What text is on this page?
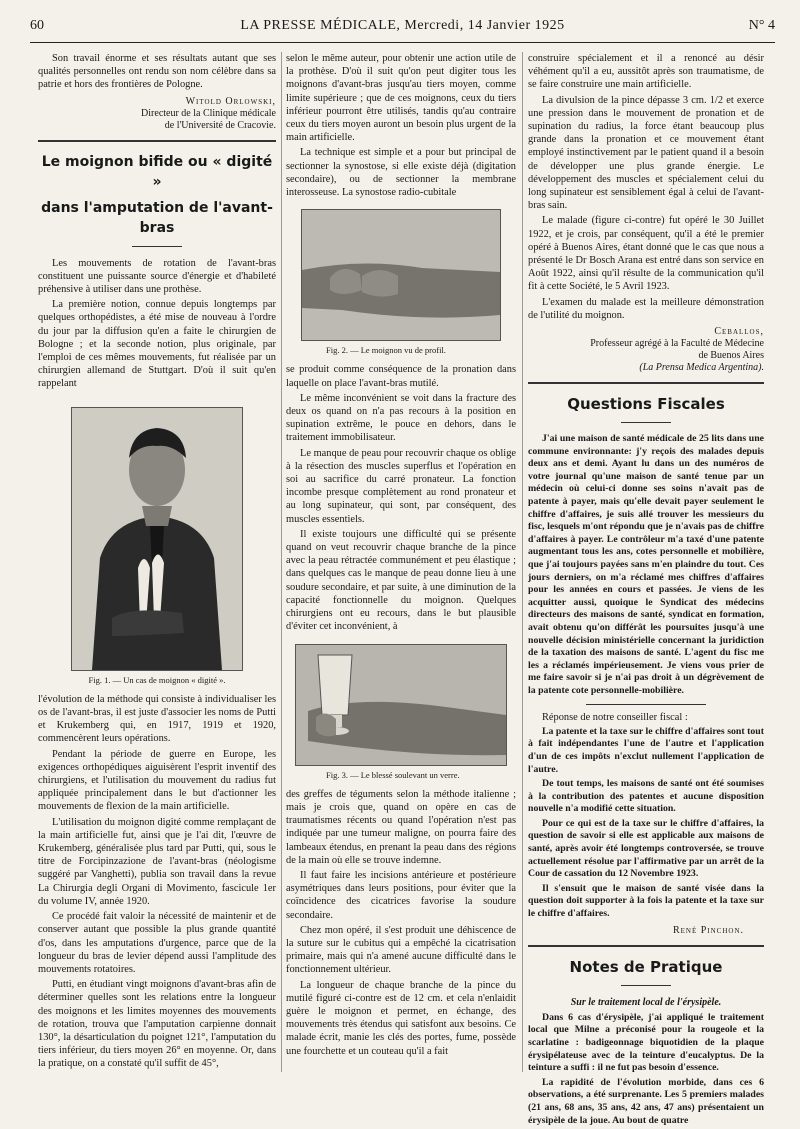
60	LA PRESSE MÉDICALE, Mercredi, 14 Janvier 1925	N° 4

Son travail énorme et ses résultats autant que ses qualités personnelles ont rendu son nom célèbre dans sa patrie et hors des frontières de Pologne.

Witold Orlowski,
Directeur de la Clinique médicale
de l'Université de Cracovie.
Le moignon bifide ou « digité »
dans l'amputation de l'avant-bras

Les mouvements de rotation de l'avant-bras constituent une puissante source d'énergie et d'habileté préhensive à utiliser dans une prothèse.

La première notion, connue depuis longtemps par quelques orthopédistes, a été mise de nouveau à l'ordre du jour par la diffusion qu'en a faite le chirurgien de Bologne ; et la seconde notion, plus originale, par l'emploi de ces mêmes mouvements, fut réalisée par un chirurgien allemand de Stuttgart. D'où il suit qu'en rappelant

Fig. 1. — Un cas de moignon « digité ».

l'évolution de la méthode qui consiste à individualiser les os de l'avant-bras, il est juste d'associer les noms de Putti et Krukemberg qui, en 1917, 1919 et 1920, commencèrent leurs opérations.

Pendant la période de guerre en Europe, les exigences orthopédiques aiguisèrent l'esprit inventif des chirurgiens, et l'utilisation du mouvement du radius fut appliquée principalement dans le but d'actionner les mouvements de flexion de la main artificielle.

L'utilisation du moignon digité comme remplaçant de la main artificielle fut, ainsi que je l'ai dit, l'œuvre de Krukemberg, généralisée plus tard par Putti, qui, sous le titre de Forcipinzazione de l'avant-bras (néologisme suggéré par Vanghetti), publia son travail dans la revue La Chirurgia degli Organi di Movimento, fascicule 1er du volume IV, année 1920.

Ce procédé fait valoir la nécessité de maintenir et de conserver autant que possible la plus grande quantité d'os, dans les amputations d'urgence, parce que de la longueur du bras de levier dépend aussi l'amplitude des mouvements rotatoires.

Putti, en étudiant vingt moignons d'avant-bras afin de déterminer quelles sont les relations entre la longueur des moignons et les limites moyennes des mouvements de rotation, trouva que l'amputation carpienne donnait 130°, la désarticulation du poignet 121°, l'amputation du tiers inférieur, du tiers moyen 26° en moyenne. Or, dans la pratique, on a constaté qu'il suffit de 45°,

selon le même auteur, pour obtenir une action utile de la prothèse. D'où il suit qu'on peut digiter tous les moignons d'avant-bras jusqu'au tiers moyen, comme limite supérieure ; que de ces moignons, ceux du tiers inférieur pourront être utilisés, tandis qu'au contraire ceux du tiers moyen auront un besoin plus urgent de la main artificielle.

La technique est simple et a pour but principal de sectionner la synostose, si elle existe déjà (digitation secondaire), ou de sectionner la membrane interosseuse. La synostose radio-cubitale

Fig. 2. — Le moignon vu de profil.

se produit comme conséquence de la pronation dans laquelle on place l'avant-bras mutilé.

Le même inconvénient se voit dans la fracture des deux os quand on n'a pas recours à la position en supination extrême, le pouce en dehors, dans le traitement immobilisateur.

Le manque de peau pour recouvrir chaque os oblige à la résection des muscles superflus et l'opération en soi au sacrifice du carré pronateur. La fonction incombe presque complètement au rond pronateur et au long supinateur, qui sont, par conséquent, des muscles essentiels.

Il existe toujours une difficulté qui se présente quand on veut recouvrir chaque branche de la pince avec la peau rétractée communément et peu élastique ; dans quelques cas le manque de peau donne lieu à une soudure secondaire, et par suite, à une diminution de la capacité fonctionnelle du moignon. Quelques chirurgiens ont eu recours, dans le but plausible d'éviter cet inconvénient, à

Fig. 3. — Le blessé soulevant un verre.

des greffes de téguments selon la méthode italienne ; mais je crois que, quand on opère en cas de traumatismes récents ou quand l'opération n'est pas indiquée par une tumeur maligne, on pourra faire des lambeaux étendus, en prenant la peau dans des régions de la main où elle se trouve indemne.

Il faut faire les incisions antérieure et postérieure asymétriques dans leurs positions, pour éviter que la coïncidence des cicatrices favorise la soudure secondaire.

Chez mon opéré, il s'est produit une déhiscence de la suture sur le cubitus qui a empêché la cicatrisation primaire, mais qui n'a amené aucune difficulté dans le fonctionnement ultérieur.

La longueur de chaque branche de la pince du mutilé figuré ci-contre est de 12 cm. et cela n'enlaidit guère le moignon et permet, en échange, des mouvements très étendus qui satisfont aux besoins. Ce malade écrit, manie les clés des portes, fume, possède une fourchette et un couteau qu'il a fait

construire spécialement et il a renoncé au désir véhément qu'il a eu, aussitôt après son traumatisme, de se faire construire une main artificielle.

La divulsion de la pince dépasse 3 cm. 1/2 et exerce une pression dans le mouvement de pronation et de supination du radius, la force étant beaucoup plus grande dans la pronation et ce mouvement étant employé instinctivement par le patient quand il a besoin de développer une plus grande énergie. Le développement des muscles et spécialement celui du long supinateur est sensiblement égal à celui de l'avant-bras sain.

Le malade (figure ci-contre) fut opéré le 30 Juillet 1922, et je crois, par conséquent, qu'il a été le premier opéré à Buenos Aires, étant donné que le cas que nous a présenté le Dr Bosch Arana est entré dans son service en Août 1922, ainsi qu'il résulte de la communication qu'il fit à cette Société, le 5 Avril 1923.

L'examen du malade est la meilleure démonstration de l'utilité du moignon.

Ceballos,
Professeur agrégé à la Faculté de Médecine
de Buenos Aires
(La Prensa Medica Argentina).
Questions Fiscales

J'ai une maison de santé médicale de 25 lits dans une commune environnante: j'y reçois des malades depuis deux ans et demi. Ayant lu dans un des numéros de votre journal qu'une maison de santé tenue par un médecin où celui-ci donne ses soins n'avait pas de patente à payer, mais qu'elle devait payer seulement le chiffre d'affaires, je suis allé trouver les messieurs du fisc, lesquels m'ont répondu que je n'avais pas de chiffre d'affaires à payer. Le contrôleur m'a taxé d'une patente augmentant tous les ans, cotes personnelle et mobilière, que j'ai toujours payées sans m'en plaindre du tout. Ces jours derniers, on m'a réclamé mes chiffres d'affaires pour les années en cours et passées. Je viens de les acquitter aussi, quoique le Syndicat des médecins directeurs des maisons de santé, syndicat en formation, avait obtenu qu'on différât les poursuites jusqu'à une nouvelle décision ministérielle concernant la juridiction de la taxation des maisons de santé. L'agent du fisc me les a réclamés impérieusement. Je viens vous prier de me faire savoir si je n'ai pas droit à un dégrèvement de la patente cote personnelle-mobilière.

Réponse de notre conseiller fiscal :

La patente et la taxe sur le chiffre d'affaires sont tout à fait indépendantes l'une de l'autre et l'application d'un de ces impôts n'exclut nullement l'application de l'autre.

De tout temps, les maisons de santé ont été soumises à la contribution des patentes et aucune disposition nouvelle n'a modifié cette situation.

Pour ce qui est de la taxe sur le chiffre d'affaires, la question de savoir si elle est applicable aux maisons de santé, après avoir été longtemps controversée, se trouve actuellement résolue par l'affirmative par un arrêt de la Cour de cassation du 12 Novembre 1923.

Il s'ensuit que le maison de santé visée dans la question doit supporter à la fois la patente et la taxe sur le chiffre d'affaires.

René Pinchon.
Notes de Pratique
Sur le traitement local de l'érysipèle.

Dans 6 cas d'érysipèle, j'ai appliqué le traitement local que Milne a préconisé pour la rougeole et la scarlatine : badigeonnage biquotidien de la plaque érysipélateuse avec de la teinture d'eucalyptus. De la teinture a suffi : il ne fut pas besoin d'essence.

La rapidité de l'évolution morbide, dans ces 6 observations, a été surprenante. Les 5 premiers malades (21 ans, 68 ans, 35 ans, 42 ans, 47 ans) présentaient un érysipèle de la joue. Au bout de quatre
